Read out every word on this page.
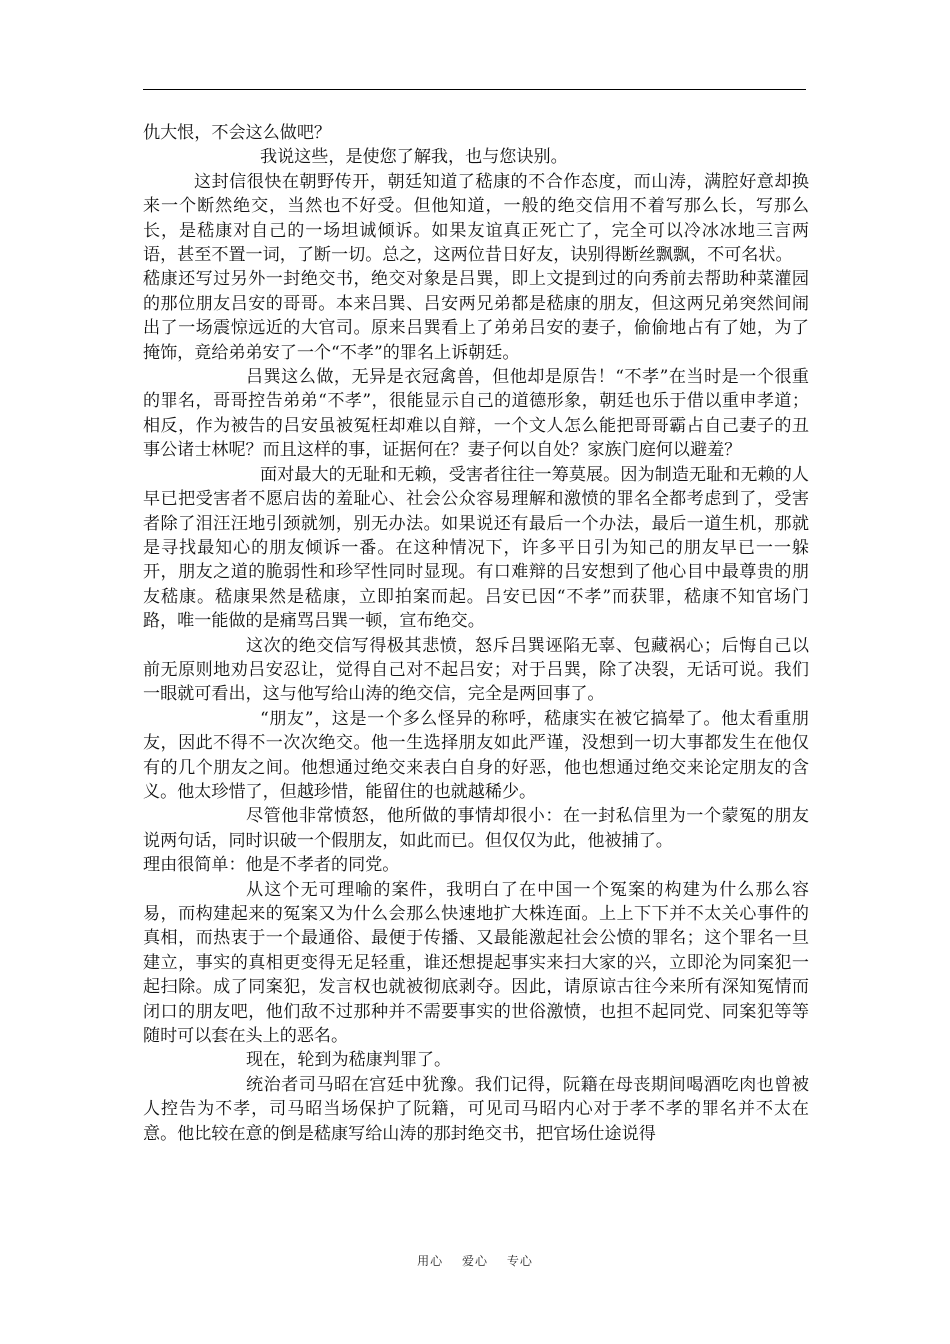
仇大恨，不会这么做吧？

我说这些，是使您了解我，也与您诀别。

这封信很快在朝野传开，朝廷知道了嵇康的不合作态度，而山涛，满腔好意却换来一个断然绝交，当然也不好受。但他知道，一般的绝交信用不着写那么长，写那么长，是嵇康对自己的一场坦诚倾诉。如果友谊真正死亡了，完全可以冷冰冰地三言两语，甚至不置一词，了断一切。总之，这两位昔日好友，诀别得断丝飘飘，不可名状。

嵇康还写过另外一封绝交书，绝交对象是吕巽，即上文提到过的向秀前去帮助种菜灌园的那位朋友吕安的哥哥。本来吕巽、吕安两兄弟都是嵇康的朋友，但这两兄弟突然间闹出了一场震惊远近的大官司。原来吕巽看上了弟弟吕安的妻子，偷偷地占有了她，为了掩饰，竟给弟弟安了一个“不孝”的罪名上诉朝廷。

吕巽这么做，无异是衣冠禽兽，但他却是原告！“不孝”在当时是一个很重的罪名，哥哥控告弟弟“不孝”，很能显示自己的道德形象，朝廷也乐于借以重申孝道；相反，作为被告的吕安虽被冤枉却难以自辩，一个文人怎么能把哥哥霸占自己妻子的丑事公诸士林呢？而且这样的事，证据何在？妻子何以自处？家族门庭何以避羞？

面对最大的无耻和无赖，受害者往往一筹莫展。因为制造无耻和无赖的人早已把受害者不愿启齿的羞耻心、社会公众容易理解和激愤的罪名全都考虑到了，受害者除了泪汪汪地引颈就刎，别无办法。如果说还有最后一个办法，最后一道生机，那就是寻找最知心的朋友倾诉一番。在这种情况下，许多平日引为知己的朋友早已一一躲开，朋友之道的脆弱性和珍罕性同时显现。有口难辩的吕安想到了他心目中最尊贵的朋友嵇康。嵇康果然是嵇康，立即拍案而起。吕安已因“不孝”而获罪，嵇康不知官场门路，唯一能做的是痛骂吕巽一顿，宣布绝交。

这次的绝交信写得极其悲愤，怒斥吕巽诬陷无辜、包藏祸心；后悔自己以前无原则地劝吕安忍让，觉得自己对不起吕安；对于吕巽，除了决裂，无话可说。我们一眼就可看出，这与他写给山涛的绝交信，完全是两回事了。

“朋友”，这是一个多么怪异的称呼，嵇康实在被它搞晕了。他太看重朋友，因此不得不一次次绝交。他一生选择朋友如此严谨，没想到一切大事都发生在他仅有的几个朋友之间。他想通过绝交来表白自身的好恶，他也想通过绝交来论定朋友的含义。他太珍惜了，但越珍惜，能留住的也就越稀少。

尽管他非常愤怒，他所做的事情却很小：在一封私信里为一个蒙冤的朋友说两句话，同时识破一个假朋友，如此而已。但仅仅为此，他被捕了。

理由很简单：他是不孝者的同党。

从这个无可理喻的案件，我明白了在中国一个冤案的构建为什么那么容易，而构建起来的冤案又为什么会那么快速地扩大株连面。上上下下并不太关心事件的真相，而热衷于一个最通俗、最便于传播、又最能激起社会公愤的罪名；这个罪名一旦建立，事实的真相更变得无足轻重，谁还想提起事实来扫大家的兴，立即沦为同案犯一起扫除。成了同案犯，发言权也就被彻底剥夺。因此，请原谅古往今来所有深知冤情而闭口的朋友吧，他们敌不过那种并不需要事实的世俗激愤，也担不起同党、同案犯等等随时可以套在头上的恶名。

现在，轮到为嵇康判罪了。

统治者司马昭在宫廷中犹豫。我们记得，阮籍在母丧期间喝酒吃肉也曾被人控告为不孝，司马昭当场保护了阮籍，可见司马昭内心对于孝不孝的罪名并不太在意。他比较在意的倒是嵇康写给山涛的那封绝交书，把官场仕途说得

用心 爱心 专心
